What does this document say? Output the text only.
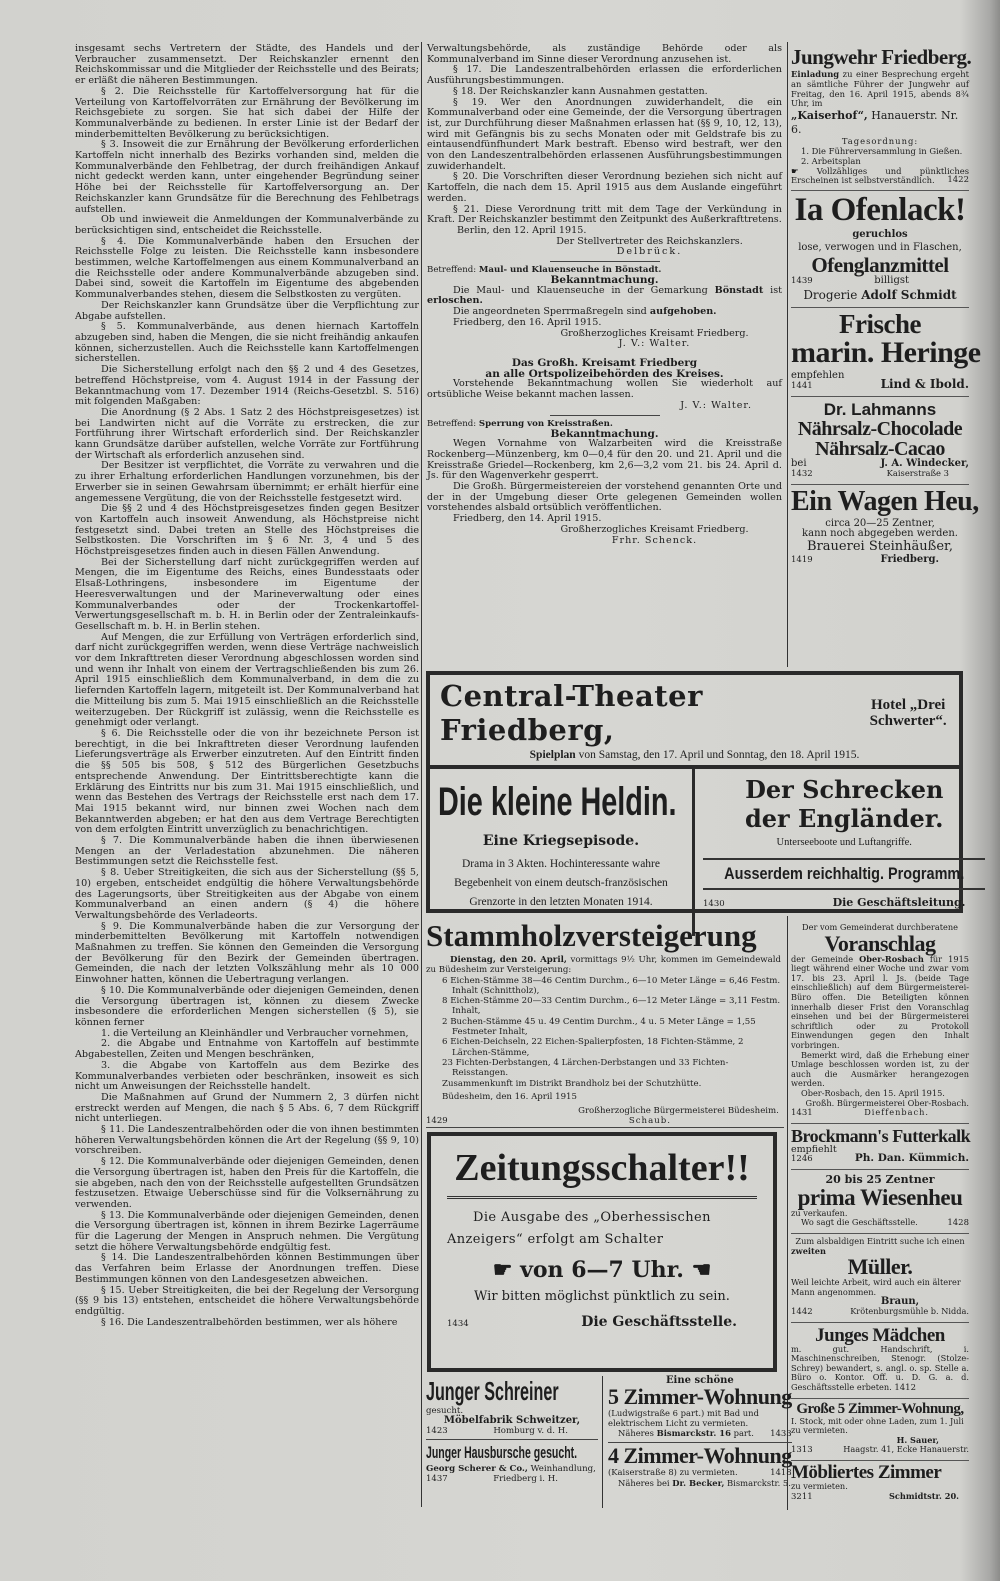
insgesamt sechs Vertretern der Städte, des Handels und der Verbraucher zusammensetzt. Der Reichskanzler ernennt den Reichskommissar und die Mitglieder der Reichsstelle und des Beirats; er erläßt die näheren Bestimmungen.

§ 2. Die Reichsstelle für Kartoffelversorgung hat für die Verteilung von Kartoffelvorräten zur Ernährung der Bevölkerung im Reichsgebiete zu sorgen. Sie hat sich dabei der Hilfe der Kommunalverbände zu bedienen. In erster Linie ist der Bedarf der minderbemittelten Bevölkerung zu berücksichtigen.

§ 3. Insoweit die zur Ernährung der Bevölkerung erforderlichen Kartoffeln nicht innerhalb des Bezirks vorhanden sind, melden die Kommunalverbände den Fehlbetrag, der durch freihändigen Ankauf nicht gedeckt werden kann, unter eingehender Begründung seiner Höhe bei der Reichsstelle für Kartoffelversorgung an. Der Reichskanzler kann Grundsätze für die Berechnung des Fehlbetrags aufstellen.

Ob und inwieweit die Anmeldungen der Kommunalverbände zu berücksichtigen sind, entscheidet die Reichsstelle.

§ 4. Die Kommunalverbände haben den Ersuchen der Reichsstelle Folge zu leisten. Die Reichsstelle kann insbesondere bestimmen, welche Kartoffelmengen aus einem Kommunalverband an die Reichsstelle oder andere Kommunalverbände abzugeben sind. Dabei sind, soweit die Kartoffeln im Eigentume des abgebenden Kommunalverbandes stehen, diesem die Selbstkosten zu vergüten.

Der Reichskanzler kann Grundsätze über die Verpflichtung zur Abgabe aufstellen.

§ 5. Kommunalverbände, aus denen hiernach Kartoffeln abzugeben sind, haben die Mengen, die sie nicht freihändig ankaufen können, sicherzustellen. Auch die Reichsstelle kann Kartoffelmengen sicherstellen.

Die Sicherstellung erfolgt nach den §§ 2 und 4 des Gesetzes, betreffend Höchstpreise, vom 4. August 1914 in der Fassung der Bekanntmachung vom 17. Dezember 1914 (Reichs-Gesetzbl. S. 516) mit folgenden Maßgaben:

Die Anordnung (§ 2 Abs. 1 Satz 2 des Höchstpreisgesetzes) ist bei Landwirten nicht auf die Vorräte zu erstrecken, die zur Fortführung ihrer Wirtschaft erforderlich sind. Der Reichskanzler kann Grundsätze darüber aufstellen, welche Vorräte zur Fortführung der Wirtschaft als erforderlich anzusehen sind.

Der Besitzer ist verpflichtet, die Vorräte zu verwahren und die zu ihrer Erhaltung erforderlichen Handlungen vorzunehmen, bis der Erwerber sie in seinen Gewahrsam übernimmt; er erhält hierfür eine angemessene Vergütung, die von der Reichsstelle festgesetzt wird.

Die §§ 2 und 4 des Höchstpreisgesetzes finden gegen Besitzer von Kartoffeln auch insoweit Anwendung, als Höchstpreise nicht festgesetzt sind. Dabei treten an Stelle des Höchstpreises die Selbstkosten. Die Vorschriften im § 6 Nr. 3, 4 und 5 des Höchstpreisgesetzes finden auch in diesen Fällen Anwendung.

Bei der Sicherstellung darf nicht zurückgegriffen werden auf Mengen, die im Eigentume des Reichs, eines Bundesstaats oder Elsaß-Lothringens, insbesondere im Eigentume der Heeresverwaltungen und der Marineverwaltung oder eines Kommunalverbandes oder der Trockenkartoffel-Verwertungsgesellschaft m. b. H. in Berlin oder der Zentraleinkaufs-Gesellschaft m. b. H. in Berlin stehen.

Auf Mengen, die zur Erfüllung von Verträgen erforderlich sind, darf nicht zurückgegriffen werden, wenn diese Verträge nachweislich vor dem Inkrafttreten dieser Verordnung abgeschlossen worden sind und wenn ihr Inhalt von einem der Vertragschließenden bis zum 26. April 1915 einschließlich dem Kommunalverband, in dem die zu liefernden Kartoffeln lagern, mitgeteilt ist. Der Kommunalverband hat die Mitteilung bis zum 5. Mai 1915 einschließlich an die Reichsstelle weiterzugeben. Der Rückgriff ist zulässig, wenn die Reichsstelle es genehmigt oder verlangt.

§ 6. Die Reichsstelle oder die von ihr bezeichnete Person ist berechtigt, in die bei Inkrafttreten dieser Verordnung laufenden Lieferungsverträge als Erwerber einzutreten. Auf den Eintritt finden die §§ 505 bis 508, § 512 des Bürgerlichen Gesetzbuchs entsprechende Anwendung. Der Eintrittsberechtigte kann die Erklärung des Eintritts nur bis zum 31. Mai 1915 einschließlich, und wenn das Bestehen des Vertrags der Reichsstelle erst nach dem 17. Mai 1915 bekannt wird, nur binnen zwei Wochen nach dem Bekanntwerden abgeben; er hat den aus dem Vertrage Berechtigten von dem erfolgten Eintritt unverzüglich zu benachrichtigen.

§ 7. Die Kommunalverbände haben die ihnen überwiesenen Mengen an der Verladestation abzunehmen. Die näheren Bestimmungen setzt die Reichsstelle fest.

§ 8. Ueber Streitigkeiten, die sich aus der Sicherstellung (§§ 5, 10) ergeben, entscheidet endgültig die höhere Verwaltungsbehörde des Lagerungsorts, über Streitigkeiten aus der Abgabe von einem Kommunalverband an einen andern (§ 4) die höhere Verwaltungsbehörde des Verladeorts.

§ 9. Die Kommunalverbände haben die zur Versorgung der minderbemittelten Bevölkerung mit Kartoffeln notwendigen Maßnahmen zu treffen. Sie können den Gemeinden die Versorgung der Bevölkerung für den Bezirk der Gemeinden übertragen. Gemeinden, die nach der letzten Volkszählung mehr als 10 000 Einwohner hatten, können die Uebertragung verlangen.

§ 10. Die Kommunalverbände oder diejenigen Gemeinden, denen die Versorgung übertragen ist, können zu diesem Zwecke insbesondere die erforderlichen Mengen sicherstellen (§ 5), sie können ferner

1. die Verteilung an Kleinhändler und Verbraucher vornehmen,

2. die Abgabe und Entnahme von Kartoffeln auf bestimmte Abgabestellen, Zeiten und Mengen beschränken,

3. die Abgabe von Kartoffeln aus dem Bezirke des Kommunalverbandes verbieten oder beschränken, insoweit es sich nicht um Anweisungen der Reichsstelle handelt.

Die Maßnahmen auf Grund der Nummern 2, 3 dürfen nicht erstreckt werden auf Mengen, die nach § 5 Abs. 6, 7 dem Rückgriff nicht unterliegen.

§ 11. Die Landeszentralbehörden oder die von ihnen bestimmten höheren Verwaltungsbehörden können die Art der Regelung (§§ 9, 10) vorschreiben.

§ 12. Die Kommunalverbände oder diejenigen Gemeinden, denen die Versorgung übertragen ist, haben den Preis für die Kartoffeln, die sie abgeben, nach den von der Reichsstelle aufgestellten Grundsätzen festzusetzen. Etwaige Ueberschüsse sind für die Volksernährung zu verwenden.

§ 13. Die Kommunalverbände oder diejenigen Gemeinden, denen die Versorgung übertragen ist, können in ihrem Bezirke Lagerräume für die Lagerung der Mengen in Anspruch nehmen. Die Vergütung setzt die höhere Verwaltungsbehörde endgültig fest.

§ 14. Die Landeszentralbehörden können Bestimmungen über das Verfahren beim Erlasse der Anordnungen treffen. Diese Bestimmungen können von den Landesgesetzen abweichen.

§ 15. Ueber Streitigkeiten, die bei der Regelung der Versorgung (§§ 9 bis 13) entstehen, entscheidet die höhere Verwaltungsbehörde endgültig.

§ 16. Die Landeszentralbehörden bestimmen, wer als höhere

Verwaltungsbehörde, als zuständige Behörde oder als Kommunalverband im Sinne dieser Verordnung anzusehen ist.

§ 17. Die Landeszentralbehörden erlassen die erforderlichen Ausführungsbestimmungen.

§ 18. Der Reichskanzler kann Ausnahmen gestatten.

§ 19. Wer den Anordnungen zuwiderhandelt, die ein Kommunalverband oder eine Gemeinde, der die Versorgung übertragen ist, zur Durchführung dieser Maßnahmen erlassen hat (§§ 9, 10, 12, 13), wird mit Gefängnis bis zu sechs Monaten oder mit Geldstrafe bis zu eintausendfünfhundert Mark bestraft. Ebenso wird bestraft, wer den von den Landeszentralbehörden erlassenen Ausführungsbestimmungen zuwiderhandelt.

§ 20. Die Vorschriften dieser Verordnung beziehen sich nicht auf Kartoffeln, die nach dem 15. April 1915 aus dem Auslande eingeführt werden.

§ 21. Diese Verordnung tritt mit dem Tage der Verkündung in Kraft. Der Reichskanzler bestimmt den Zeitpunkt des Außerkrafttretens.

Berlin, den 12. April 1915.

Der Stellvertreter des Reichskanzlers.
Delbrück.
Betreffend: Maul- und Klauenseuche in Bönstadt.
Bekanntmachung.

Die Maul- und Klauenseuche in der Gemarkung Bönstadt ist erloschen.

Die angeordneten Sperrmaßregeln sind aufgehoben.

Friedberg, den 16. April 1915.

Großherzogliches Kreisamt Friedberg.
J. V.: Walter.
Das Großh. Kreisamt Friedberg
an alle Ortspolizeibehörden des Kreises.

Vorstehende Bekanntmachung wollen Sie wiederholt auf ortsübliche Weise bekannt machen lassen.

J. V.: Walter.
Betreffend: Sperrung von Kreisstraßen.
Bekanntmachung.

Wegen Vornahme von Walzarbeiten wird die Kreisstraße Rockenberg—Münzenberg, km 0—0,4 für den 20. und 21. April und die Kreisstraße Griedel—Rockenberg, km 2,6—3,2 vom 21. bis 24. April d. Js. für den Wagenverkehr gesperrt.

Die Großh. Bürgermeistereien der vorstehend genannten Orte und der in der Umgebung dieser Orte gelegenen Gemeinden wollen vorstehendes alsbald ortsüblich veröffentlichen.

Friedberg, den 14. April 1915.

Großherzogliches Kreisamt Friedberg.
Frhr. Schenck.
Central-Theater Friedberg,
Hotel „Drei Schwerter“.
Spielplan von Samstag, den 17. April und Sonntag, den 18. April 1915.
Die kleine Heldin.
Eine Kriegsepisode.
Drama in 3 Akten. Hochinteressante wahre Begebenheit von einem deutsch-französischen Grenzorte in den letzten Monaten 1914.
Der Schrecken
der Engländer.
Unterseeboote und Luftangriffe.
Ausserdem reichhaltig. Programm.
1430	Die Geschäftsleitung.
Stammholzversteigerung
Dienstag, den 20. April, vormittags 9½ Uhr, kommen im Gemeindewald zu Büdesheim zur Versteigerung:
6 Eichen-Stämme 38—46 Centim Durchm., 6—10 Meter Länge = 6,46 Festm. Inhalt (Schnittholz),
8 Eichen-Stämme 20—33 Centim Durchm., 6—12 Meter Länge = 3,11 Festm. Inhalt,
2 Buchen-Stämme 45 u. 49 Centim Durchm., 4 u. 5 Meter Länge = 1,55 Festmeter Inhalt,
6 Eichen-Deichseln, 22 Eichen-Spalierpfosten, 18 Fichten-Stämme, 2 Lärchen-Stämme,
23 Fichten-Derbstangen, 4 Lärchen-Derbstangen und 33 Fichten-Reisstangen.
Zusammenkunft im Distrikt Brandholz bei der Schutzhütte.
Büdesheim, den 16. April 1915
Großherzogliche Bürgermeisterei Büdesheim.
1429	Schaub.
Zeitungsschalter!!
Die Ausgabe des „Oberhessischen Anzeigers“ erfolgt am Schalter
☛ von 6—7 Uhr. ☚
Wir bitten möglichst pünktlich zu sein.
1434	Die Geschäftsstelle.
Junger Schreiner
gesucht.
Möbelfabrik Schweitzer,
1423	Homburg v. d. H.
Junger Hausbursche gesucht.
Georg Scherer & Co., Weinhandlung,
1437	Friedberg i. H.
Eine schöne
5 Zimmer-Wohnung
(Ludwigstraße 6 part.) mit Bad und elektrischem Licht zu vermieten.
Näheres Bismarckstr. 16 part. 1433
4 Zimmer-Wohnung
(Kaiserstraße 8) zu vermieten.	1418
Näheres bei Dr. Becker, Bismarckstr. 5.
Jungwehr Friedberg.
Einladung zu einer Besprechung ergeht an sämtliche Führer der Jungwehr auf Freitag, den 16. April 1915, abends 8¾ Uhr, im
„Kaiserhof“, Hanauerstr. Nr. 6.
Tagesordnung:
1. Die Führerversammlung in Gießen.
2. Arbeitsplan
☛ Vollzähliges und pünktliches Erscheinen ist selbstverständlich. 1422
Ia Ofenlack!
geruchlos
lose, verwogen und in Flaschen,
Ofenglanzmittel
1439	billigst
Drogerie Adolf Schmidt
Frische
marin. Heringe
empfehlen
1441	Lind & Ibold.
Dr. Lahmanns
Nährsalz-Chocolade
Nährsalz-Cacao
bei	J. A. Windecker,
1432	Kaiserstraße 3
Ein Wagen Heu,
circa 20—25 Zentner,
kann noch abgegeben werden.
Brauerei Steinhäußer,
1419	Friedberg.
Der vom Gemeinderat durchberatene
Voranschlag
der Gemeinde Ober-Rosbach für 1915 liegt während einer Woche und zwar vom 17. bis 23. April l. Js. (beide Tage einschließlich) auf dem Bürgermeisterei-Büro offen. Die Beteiligten können innerhalb dieser Frist den Voranschlag einsehen und bei der Bürgermeisterei schriftlich oder zu Protokoll Einwendungen gegen den Inhalt vorbringen.
Bemerkt wird, daß die Erhebung einer Umlage beschlossen worden ist, zu der auch die Ausmärker herangezogen werden.
Ober-Rosbach, den 15. April 1915.
Großh. Bürgermeisterei Ober-Rosbach.
1431	Dieffenbach.
Brockmann's Futterkalk
empfiehlt
1246	Ph. Dan. Kümmich.
20 bis 25 Zentner
prima Wiesenheu
zu verkaufen.
Wo sagt die Geschäftsstelle.	1428
Zum alsbaldigen Eintritt suche ich einen
zweiten
Müller.
Weil leichte Arbeit, wird auch ein älterer Mann angenommen.
Braun,
1442	Krötenburgsmühle b. Nidda.
Junges Mädchen
m. gut. Handschrift, i. Maschinenschreiben, Stenogr. (Stolze-Schrey) bewandert, s. angl. o. sp. Stelle a. Büro o. Kontor. Off. u. D. G. a. d. Geschäftsstelle erbeten. 1412
Große 5 Zimmer-Wohnung,
I. Stock, mit oder ohne Laden, zum 1. Juli zu vermieten.
H. Sauer,
1313	Haagstr. 41, Ecke Hanauerstr.
Möbliertes Zimmer
zu vermieten.
3211	Schmidtstr. 20.
